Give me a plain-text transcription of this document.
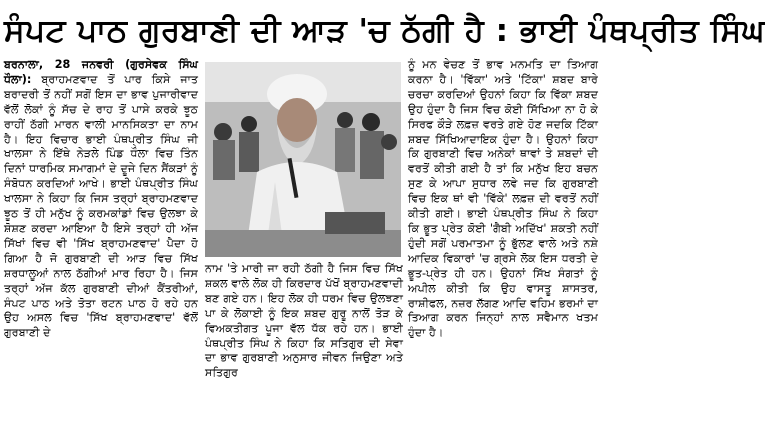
ਸੰਪਟ ਪਾਠ ਗੁਰਬਾਣੀ ਦੀ ਆੜ 'ਚ ਠੱਗੀ ਹੈ : ਭਾਈ ਪੰਥਪ੍ਰੀਤ ਸਿੰਘ

ਬਰਨਾਲਾ, 28 ਜਨਵਰੀ (ਗੁਰਸੇਵਕ ਸਿੰਘ ਧੌਲਾ): ਬ੍ਰਾਹਮਣਵਾਦ ਤੋਂ ਪਾਰ ਕਿਸੇ ਜਾਤ ਬਰਾਦਰੀ ਤੋਂ ਨਹੀਂ ਸਗੋਂ ਇਸ ਦਾ ਭਾਵ ਪੁਜਾਰੀਵਾਦ ਵੱਲੋਂ ਲੋਕਾਂ ਨੂੰ ਸੱਚ ਦੇ ਰਾਹ ਤੋਂ ਪਾਸੇ ਕਰਕੇ ਝੂਠ ਰਾਹੀਂ ਠੱਗੀ ਮਾਰਨ ਵਾਲੀ ਮਾਨਸਿਕਤਾ ਦਾ ਨਾਮ ਹੈ। ਇਹ ਵਿਚਾਰ ਭਾਈ ਪੰਥਪ੍ਰੀਤ ਸਿੰਘ ਜੀ ਖਾਲਸਾ ਨੇ ਇੱਥੇ ਨੇੜਲੇ ਪਿੰਡ ਧੌਲਾ ਵਿਚ ਤਿੰਨ ਦਿਨਾਂ ਧਾਰਮਿਕ ਸਮਾਗਮਾਂ ਦੇ ਦੂਜੇ ਦਿਨ ਸੈਂਕੜਾਂ ਨੂੰ ਸੰਬੋਧਨ ਕਰਦਿਆਂ ਆਖੇ। ਭਾਈ ਪੰਥਪ੍ਰੀਤ ਸਿੰਘ ਖਾਲਸਾ ਨੇ ਕਿਹਾ ਕਿ ਜਿਸ ਤਰ੍ਹਾਂ ਬ੍ਰਾਹਮਣਵਾਦ ਝੂਠ ਤੋਂ ਹੀ ਮਨੁੱਖ ਨੂੰ ਕਰਮਕਾਂਡਾਂ ਵਿਚ ਉਲਝਾ ਕੇ ਸ਼ੋਸ਼ਣ ਕਰਦਾ ਆਇਆ ਹੈ ਇਸੇ ਤਰ੍ਹਾਂ ਹੀ ਅੱਜ ਸਿੱਖਾਂ ਵਿਚ ਵੀ 'ਸਿੱਖ ਬ੍ਰਾਹਮਣਵਾਦ' ਪੈਦਾ ਹੋ ਗਿਆ ਹੈ ਜੋ ਗੁਰਬਾਣੀ ਦੀ ਆੜ ਵਿਚ ਸਿੱਖ ਸ਼ਰਧਾਲੂਆਂ ਨਾਲ ਠੱਗੀਆਂ ਮਾਰ ਰਿਹਾ ਹੈ। ਜਿਸ ਤਰ੍ਹਾਂ ਅੱਜ ਕੱਲ ਗੁਰਬਾਣੀ ਦੀਆਂ ਕੈਂਤਰੀਆਂ, ਸੰਪਟ ਪਾਠ ਅਤੇ ਤੋਤਾ ਰਟਨ ਪਾਠ ਹੋ ਰਹੇ ਹਨ ਉਹ ਅਸਲ ਵਿਚ 'ਸਿੱਖ ਬ੍ਰਾਹਮਣਵਾਦ' ਵੱਲੋਂ ਗੁਰਬਾਣੀ ਦੇ

ਨਾਮ 'ਤੇ ਮਾਰੀ ਜਾ ਰਹੀ ਠੱਗੀ ਹੈ ਜਿਸ ਵਿਚ ਸਿੱਖ ਸ਼ਕਲ ਵਾਲੇ ਲੋਕ ਹੀ ਕਿਰਦਾਰ ਪੱਖੋਂ ਬ੍ਰਾਹਮਣਵਾਦੀ ਬਣ ਗਏ ਹਨ। ਇਹ ਲੋਕ ਹੀ ਧਰਮ ਵਿਚ ਉਲਝਣਾ ਪਾ ਕੇ ਲੋਕਾਈ ਨੂੰ ਇਕ ਸ਼ਬਦ ਗੁਰੂ ਨਾਲੋਂ ਤੋੜ ਕੇ ਵਿਅਕਤੀਗਤ ਪੂਜਾ ਵੱਲ ਧੱਕ ਰਹੇ ਹਨ। ਭਾਈ ਪੰਥਪ੍ਰੀਤ ਸਿੰਘ ਨੇ ਕਿਹਾ ਕਿ ਸਤਿਗੁਰ ਦੀ ਸੇਵਾ ਦਾ ਭਾਵ ਗੁਰਬਾਣੀ ਅਨੁਸਾਰ ਜੀਵਨ ਜਿਉਣਾ ਅਤੇ ਸਤਿਗੁਰ

ਨੂੰ ਮਨ ਵੇਚਣ ਤੋਂ ਭਾਵ ਮਨਮਤਿ ਦਾ ਤਿਆਗ ਕਰਨਾ ਹੈ। 'ਵਿੱਕਾ' ਅਤੇ 'ਟਿੱਕਾ' ਸ਼ਬਦ ਬਾਰੇ ਚਰਚਾ ਕਰਦਿਆਂ ਉਹਨਾਂ ਕਿਹਾ ਕਿ ਵਿੱਕਾ ਸ਼ਬਦ ਉਹ ਹੁੰਦਾ ਹੈ ਜਿਸ ਵਿਚ ਕੋਈ ਸਿੱਖਿਆ ਨਾ ਹੋ ਕੇ ਸਿਰਫ ਕੌੜੇ ਲਫ਼ਜ਼ ਵਰਤੇ ਗਏ ਹੋਣ ਜਦਕਿ ਟਿੱਕਾ ਸ਼ਬਦ ਸਿੱਖਿਆਦਾਇਕ ਹੁੰਦਾ ਹੈ। ਉਹਨਾਂ ਕਿਹਾ ਕਿ ਗੁਰਬਾਣੀ ਵਿਚ ਅਨੇਕਾਂ ਥਾਵਾਂ ਤੇ ਸ਼ਬਦਾਂ ਦੀ ਵਰਤੋਂ ਕੀਤੀ ਗਈ ਹੈ ਤਾਂ ਕਿ ਮਨੁੱਖ ਇਹ ਬਚਨ ਸੁਣ ਕੇ ਆਪਾ ਸੁਧਾਰ ਲਵੇ ਜਦ ਕਿ ਗੁਰਬਾਣੀ ਵਿਚ ਇਕ ਥਾਂ ਵੀ 'ਵਿੱਕੇ' ਲਫ਼ਜ਼ ਦੀ ਵਰਤੋਂ ਨਹੀਂ ਕੀਤੀ ਗਈ। ਭਾਈ ਪੰਥਪ੍ਰੀਤ ਸਿੰਘ ਨੇ ਕਿਹਾ ਕਿ ਭੂਤ ਪ੍ਰੇਤ ਕੋਈ 'ਗੈਬੀ ਅਦਿੱਖ' ਸ਼ਕਤੀ ਨਹੀਂ ਹੁੰਦੀ ਸਗੋਂ ਪਰਮਾਤਮਾ ਨੂੰ ਭੁੱਲਣ ਵਾਲੇ ਅਤੇ ਨਸ਼ੇ ਆਦਿਕ ਵਿਕਾਰਾਂ 'ਚ ਗ੍ਰਸੇ ਲੋਕ ਇਸ ਧਰਤੀ ਦੇ ਭੂਤ-ਪ੍ਰੇਤ ਹੀ ਹਨ। ਉਹਨਾਂ ਸਿੱਖ ਸੰਗਤਾਂ ਨੂੰ ਅਪੀਲ ਕੀਤੀ ਕਿ ਉਹ ਵਾਸਤੂ ਸ਼ਾਸਤਰ, ਰਾਸ਼ੀਫਲ, ਨਜ਼ਰ ਲੱਗਣ ਆਦਿ ਵਹਿਮ ਭਰਮਾਂ ਦਾ ਤਿਆਗ ਕਰਨ ਜਿਨ੍ਹਾਂ ਨਾਲ ਸਵੈਮਾਨ ਖਤਮ ਹੁੰਦਾ ਹੈ।
